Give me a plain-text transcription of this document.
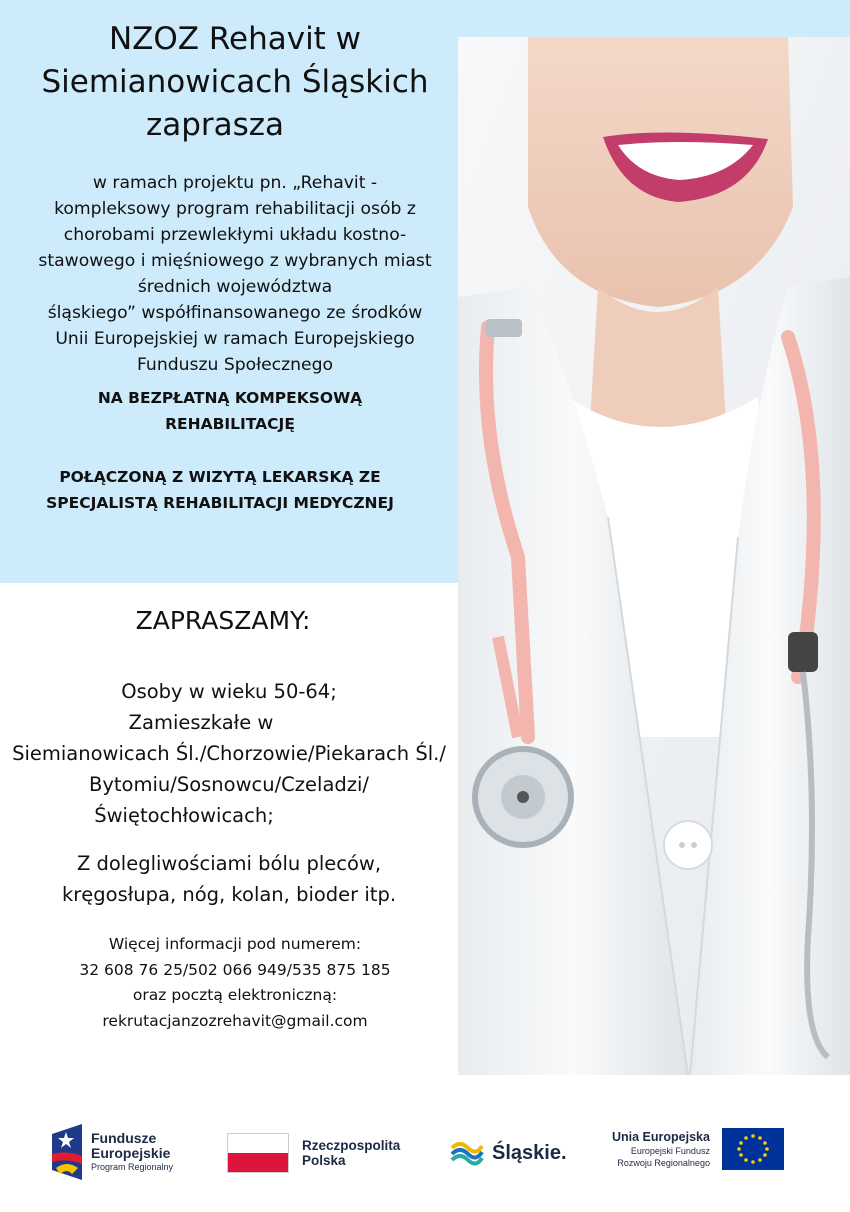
NZOZ Rehavit w
Siemianowicach Śląskich
zaprasza
w ramach projektu pn. „Rehavit -
kompleksowy program rehabilitacji osób z
chorobami przewlekłymi układu kostno-
stawowego i mięśniowego z wybranych miast
średnich województwa
śląskiego” współfinansowanego ze środków
Unii Europejskiej w ramach Europejskiego
Funduszu Społecznego
NA BEZPŁATNĄ KOMPEKSOWĄ
REHABILITACJĘ
POŁĄCZONĄ Z WIZYTĄ LEKARSKĄ ZE
SPECJALISTĄ REHABILITACJI MEDYCZNEJ
ZAPRASZAMY:
Osoby w wieku 50-64;
Zamieszkałe w
Siemianowicach Śl./Chorzowie/Piekarach Śl./
Bytomiu/Sosnowcu/Czeladzi/
Świętochłowicach;
Z dolegliwościami bólu pleców,
kręgosłupa, nóg, kolan, bioder itp.
Więcej informacji pod numerem:
32 608 76 25/502 066 949/535 875 185
oraz pocztą elektroniczną:
rekrutacjanzozrehavit@gmail.com
Fundusze
Europejskie
Program Regionalny
Rzeczpospolita
Polska	Śląskie.
Unia Europejska
Europejski Fundusz
Rozwoju Regionalnego
